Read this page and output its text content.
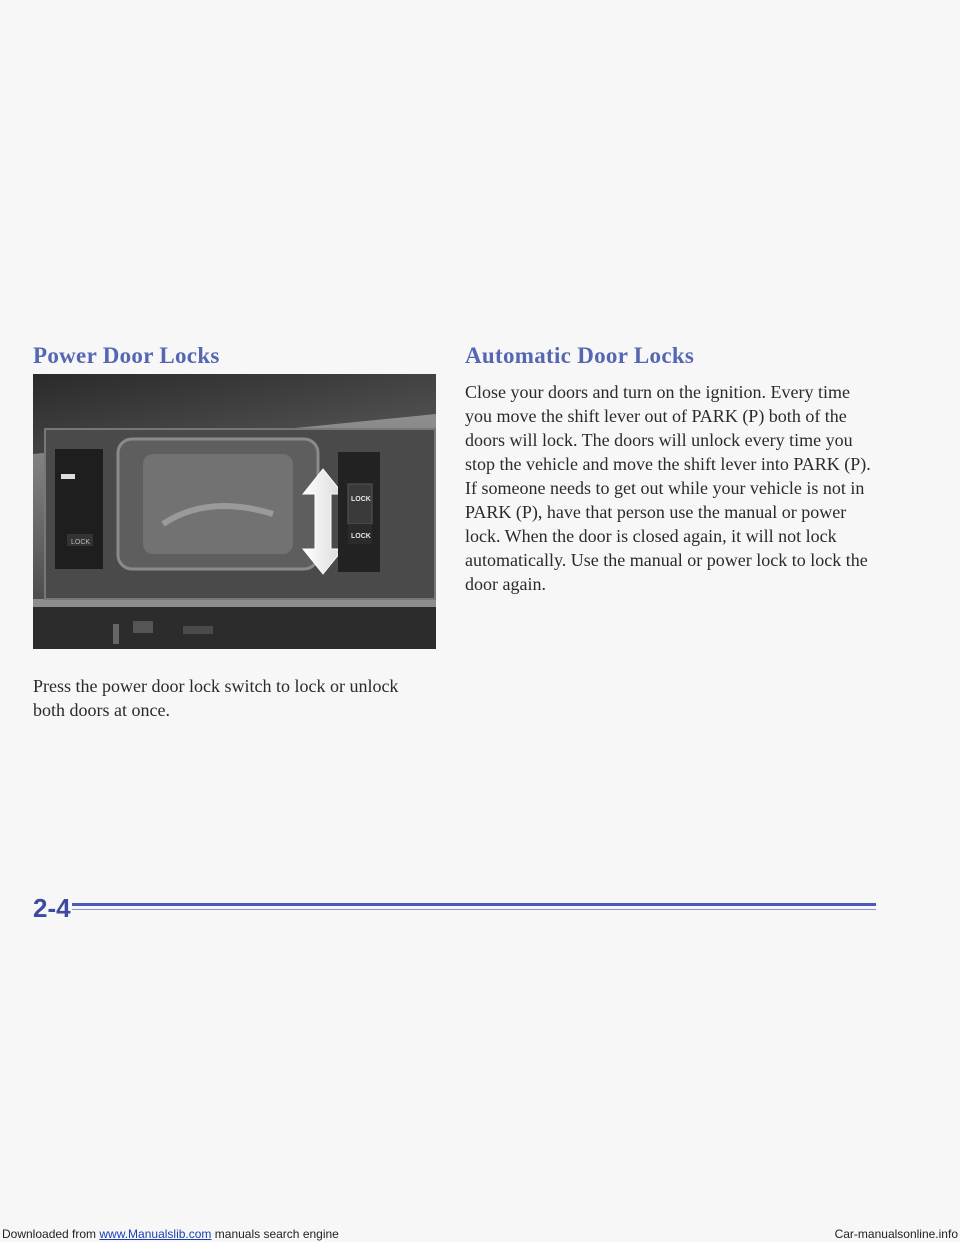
Power Door Locks	Automatic Door Locks
LOCK
LOCK
LOCK

Press the power door lock switch to lock or unlock both doors at once.

Close your doors and turn on the ignition. Every time you move the shift lever out of PARK (P) both of the doors will lock. The doors will unlock every time you stop the vehicle and move the shift lever into PARK (P). If someone needs to get out while your vehicle is not in PARK (P), have that person use the manual or power lock. When the door is closed again, it will not lock automatically. Use the manual or power lock to lock the door again.

2-4
Downloaded from www.Manualslib.com manuals search engine	Car-manualsonline.info
